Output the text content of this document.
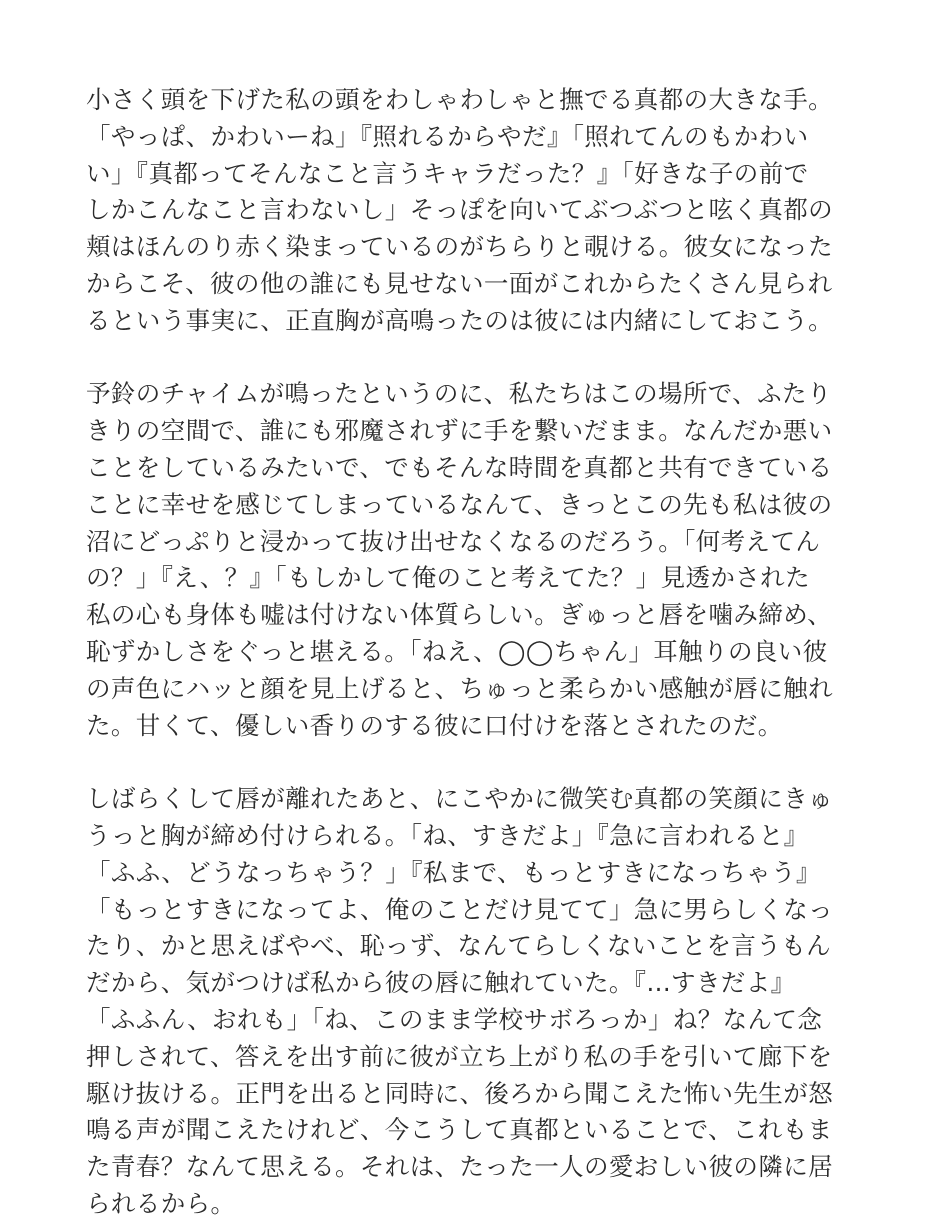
小さく頭を下げた私の頭をわしゃわしゃと撫でる真都の大きな手。
「やっぱ、かわいーね」『照れるからやだ』「照れてんのもかわい
い」『真都ってそんなこと言うキャラだった？』「好きな子の前で
しかこんなこと言わないし」そっぽを向いてぶつぶつと呟く真都の
頬はほんのり赤く染まっているのがちらりと覗ける。彼女になった
からこそ、彼の他の誰にも見せない一面がこれからたくさん見られ
るという事実に、正直胸が高鳴ったのは彼には内緒にしておこう。
予鈴のチャイムが鳴ったというのに、私たちはこの場所で、ふたり
きりの空間で、誰にも邪魔されずに手を繋いだまま。なんだか悪い
ことをしているみたいで、でもそんな時間を真都と共有できている
ことに幸せを感じてしまっているなんて、きっとこの先も私は彼の
沼にどっぷりと浸かって抜け出せなくなるのだろう。「何考えてん
の？」『え、？』「もしかして俺のこと考えてた？」見透かされた
私の心も身体も嘘は付けない体質らしい。ぎゅっと唇を噛み締め、
恥ずかしさをぐっと堪える。「ねえ、◯◯ちゃん」耳触りの良い彼
の声色にハッと顔を見上げると、ちゅっと柔らかい感触が唇に触れ
た。甘くて、優しい香りのする彼に口付けを落とされたのだ。
しばらくして唇が離れたあと、にこやかに微笑む真都の笑顔にきゅ
うっと胸が締め付けられる。「ね、すきだよ」『急に言われると』
「ふふ、どうなっちゃう？」『私まで、もっとすきになっちゃう』
「もっとすきになってよ、俺のことだけ見てて」急に男らしくなっ
たり、かと思えばやべ、恥っず、なんてらしくないことを言うもん
だから、気がつけば私から彼の唇に触れていた。『...すきだよ』
「ふふん、おれも」「ね、このまま学校サボろっか」ね？なんて念
押しされて、答えを出す前に彼が立ち上がり私の手を引いて廊下を
駆け抜ける。正門を出ると同時に、後ろから聞こえた怖い先生が怒
鳴る声が聞こえたけれど、今こうして真都といることで、これもま
た青春？なんて思える。それは、たった一人の愛おしい彼の隣に居
られるから。
